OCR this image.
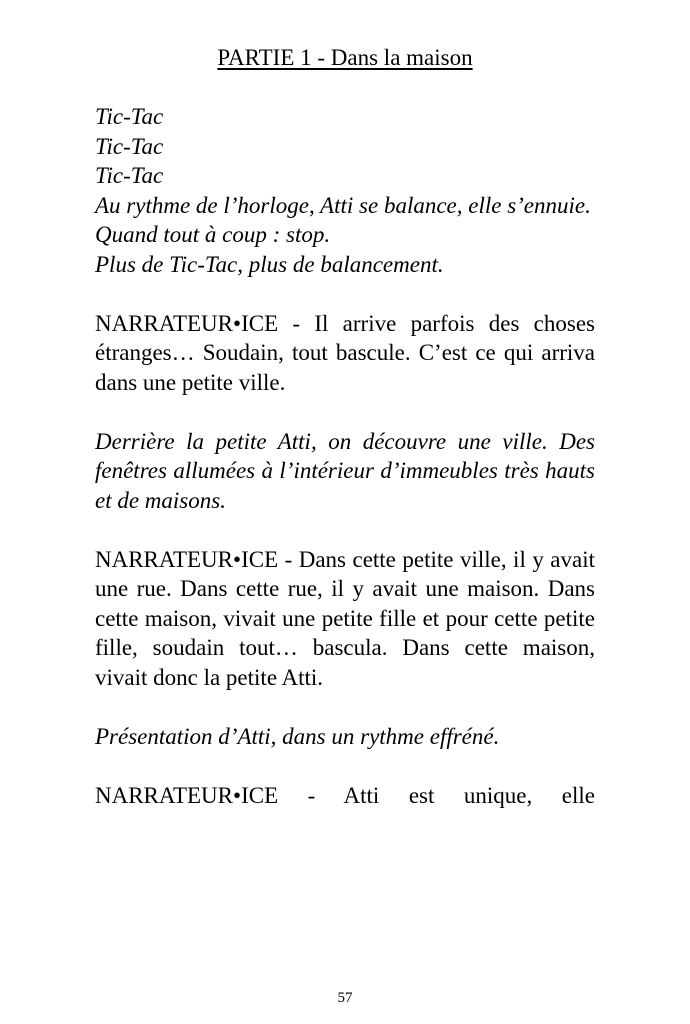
PARTIE 1 - Dans la maison

Tic-Tac

Tic-Tac

Tic-Tac

Au rythme de l’horloge, Atti se balance, elle s’ennuie.

Quand tout à coup : stop.

Plus de Tic-Tac, plus de balancement.

NARRATEUR•ICE - Il arrive parfois des choses étranges… Soudain, tout bascule. C’est ce qui arriva dans une petite ville.
Derrière la petite Atti, on découvre une ville. Des fenêtres allumées à l’intérieur d’immeubles très hauts et de maisons.
NARRATEUR•ICE - Dans cette petite ville, il y avait une rue. Dans cette rue, il y avait une maison. Dans cette maison, vivait une petite fille et pour cette petite fille, soudain tout… bascula. Dans cette maison, vivait donc la petite Atti.
Présentation d’Atti, dans un rythme effréné.
NARRATEUR•ICE - Atti est unique, elle
57
